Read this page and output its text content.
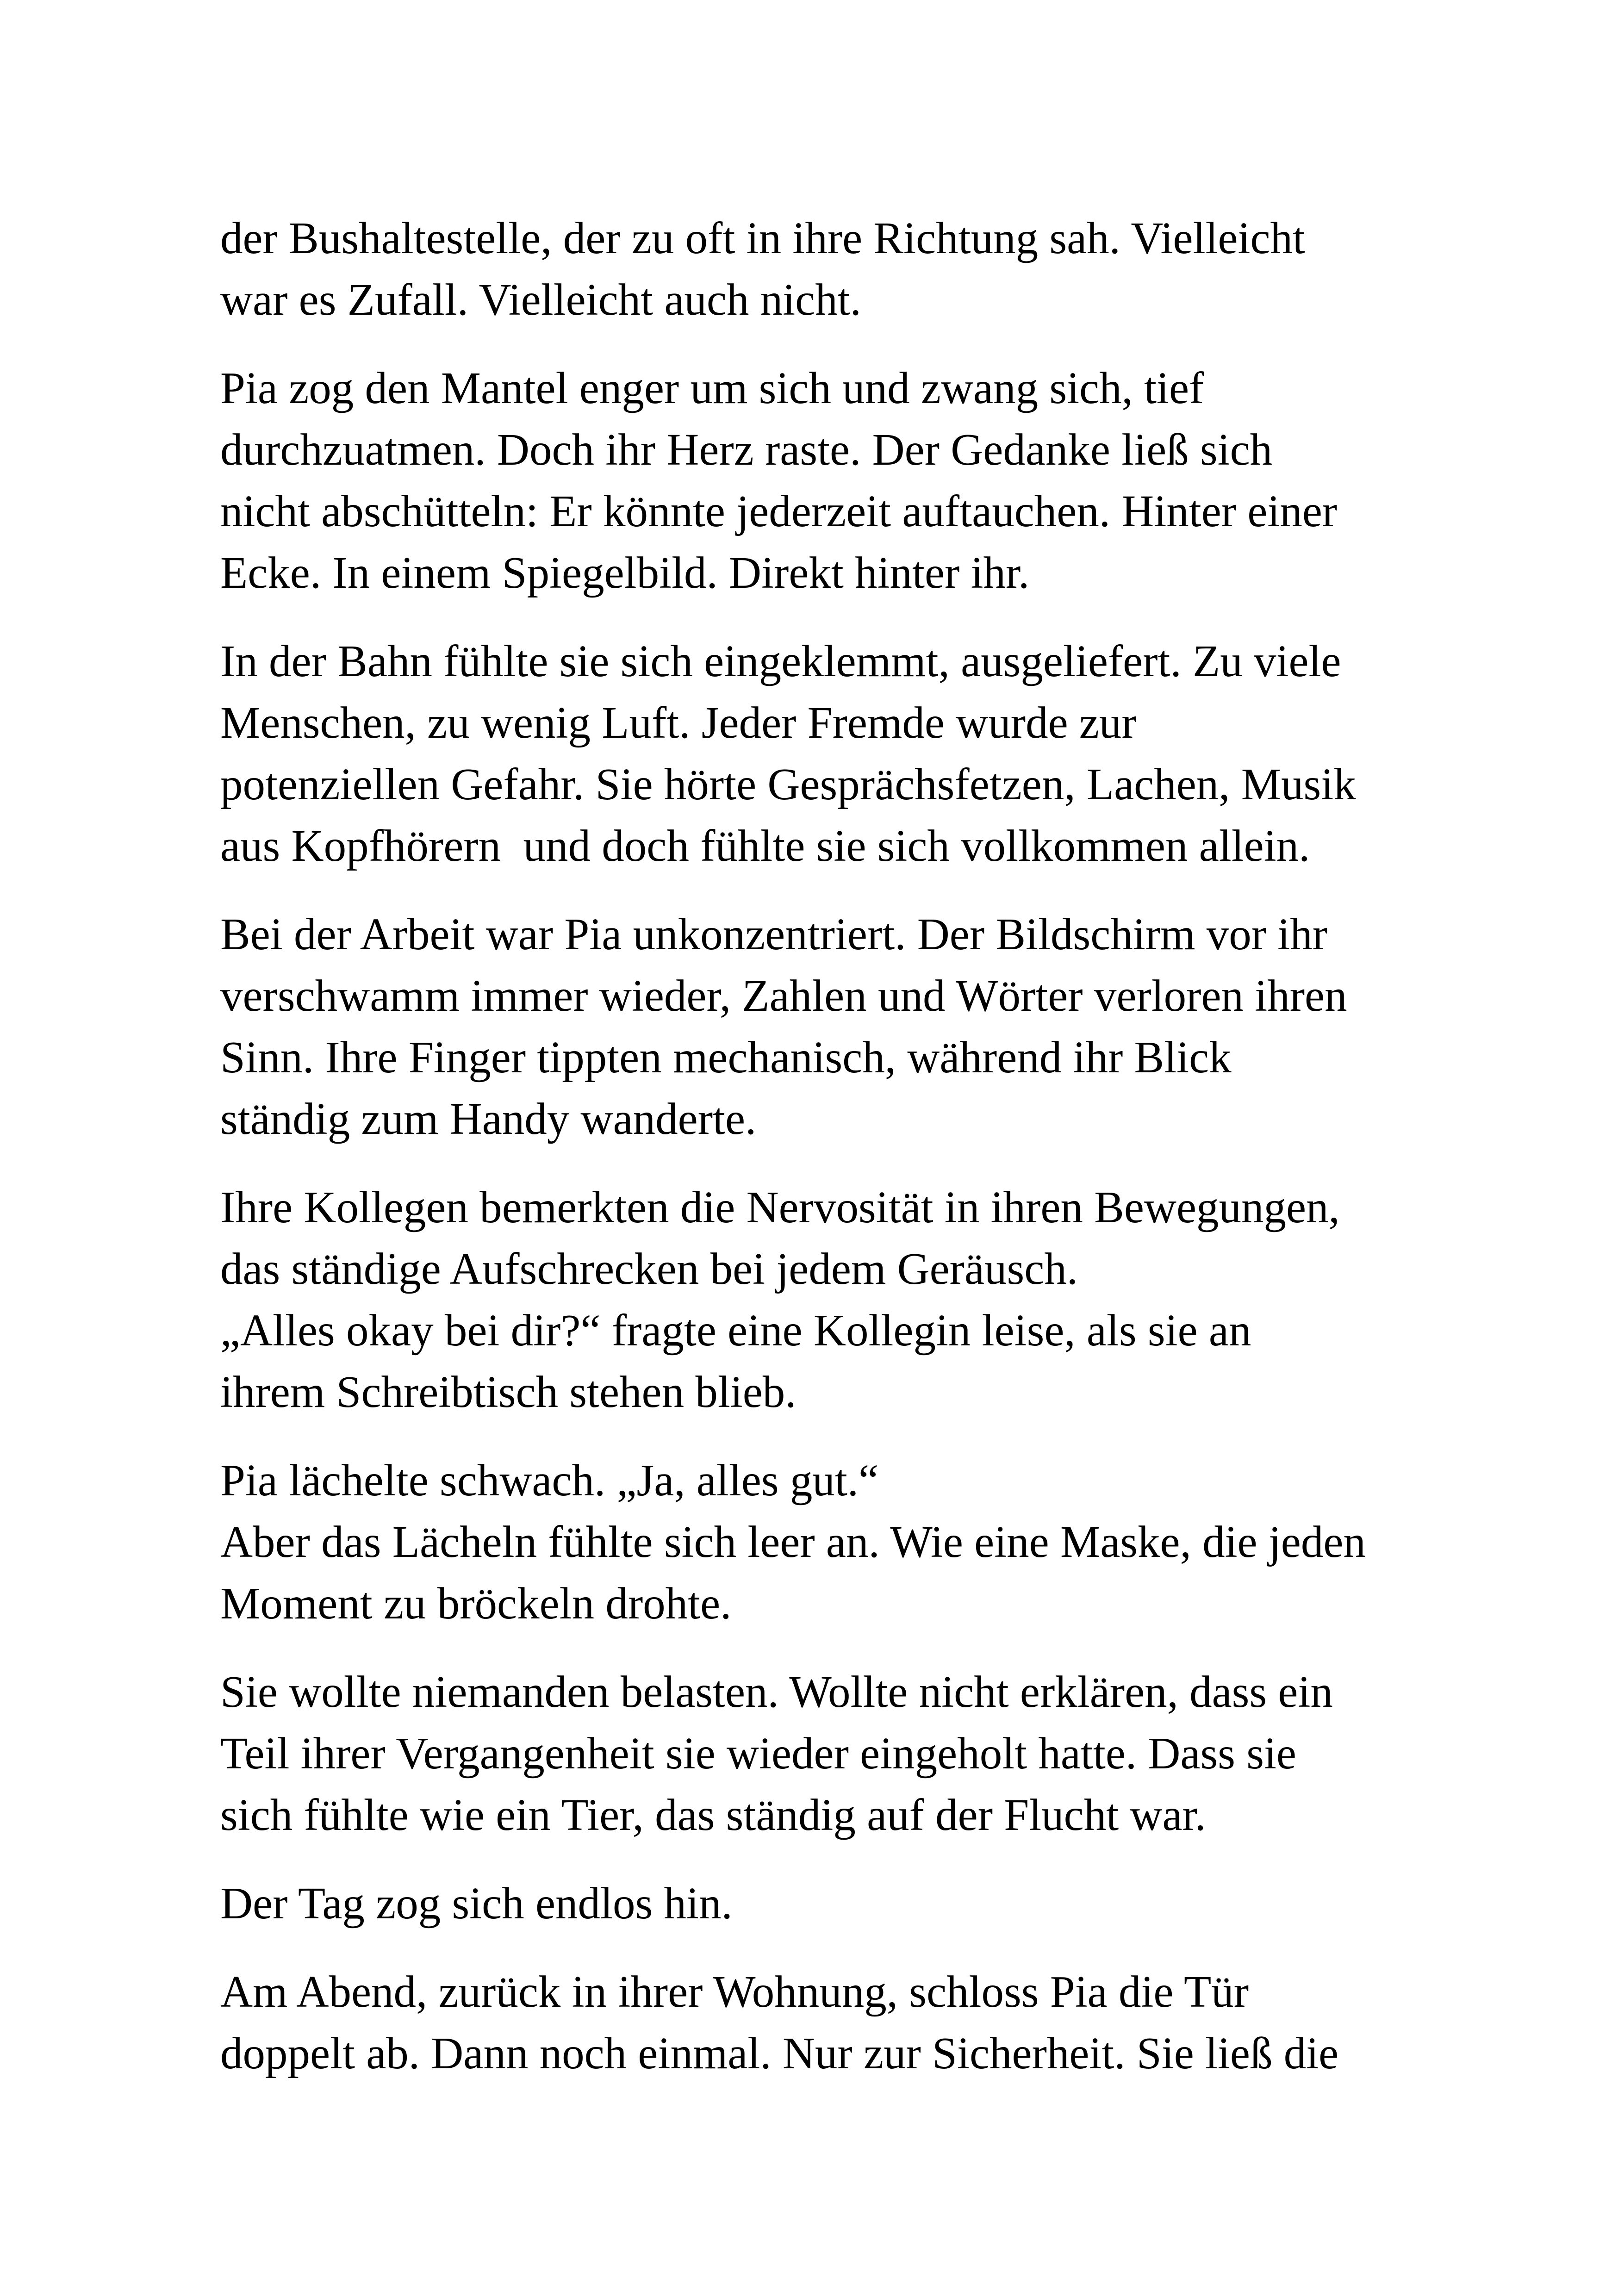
der Bushaltestelle, der zu oft in ihre Richtung sah. Vielleicht
war es Zufall. Vielleicht auch nicht.

Pia zog den Mantel enger um sich und zwang sich, tief
durchzuatmen. Doch ihr Herz raste. Der Gedanke ließ sich
nicht abschütteln: Er könnte jederzeit auftauchen. Hinter einer
Ecke. In einem Spiegelbild. Direkt hinter ihr.

In der Bahn fühlte sie sich eingeklemmt, ausgeliefert. Zu viele
Menschen, zu wenig Luft. Jeder Fremde wurde zur
potenziellen Gefahr. Sie hörte Gesprächsfetzen, Lachen, Musik
aus Kopfhörern  und doch fühlte sie sich vollkommen allein.

Bei der Arbeit war Pia unkonzentriert. Der Bildschirm vor ihr
verschwamm immer wieder, Zahlen und Wörter verloren ihren
Sinn. Ihre Finger tippten mechanisch, während ihr Blick
ständig zum Handy wanderte.

Ihre Kollegen bemerkten die Nervosität in ihren Bewegungen,
das ständige Aufschrecken bei jedem Geräusch.
„Alles okay bei dir?“ fragte eine Kollegin leise, als sie an
ihrem Schreibtisch stehen blieb.

Pia lächelte schwach. „Ja, alles gut.“
Aber das Lächeln fühlte sich leer an. Wie eine Maske, die jeden
Moment zu bröckeln drohte.

Sie wollte niemanden belasten. Wollte nicht erklären, dass ein
Teil ihrer Vergangenheit sie wieder eingeholt hatte. Dass sie
sich fühlte wie ein Tier, das ständig auf der Flucht war.

Der Tag zog sich endlos hin.

Am Abend, zurück in ihrer Wohnung, schloss Pia die Tür
doppelt ab. Dann noch einmal. Nur zur Sicherheit. Sie ließ die
